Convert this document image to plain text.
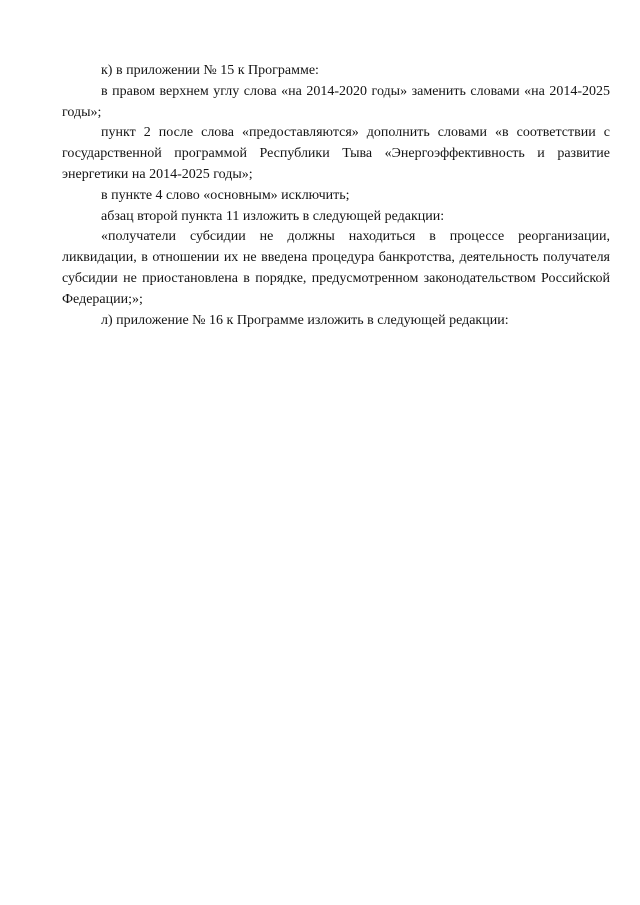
к) в приложении № 15 к Программе:

в правом верхнем углу слова «на 2014-2020 годы» заменить словами «на 2014-2025 годы»;

пункт 2 после слова «предоставляются» дополнить словами «в соответствии с государственной программой Республики Тыва «Энергоэффективность и развитие энергетики на 2014-2025 годы»;

в пункте 4 слово «основным» исключить;

абзац второй пункта 11 изложить в следующей редакции:

«получатели субсидии не должны находиться в процессе реорганизации, ликвидации, в отношении их не введена процедура банкротства, деятельность получателя субсидии не приостановлена в порядке, предусмотренном законодательством Российской Федерации;»;

л) приложение № 16 к Программе изложить в следующей редакции:
